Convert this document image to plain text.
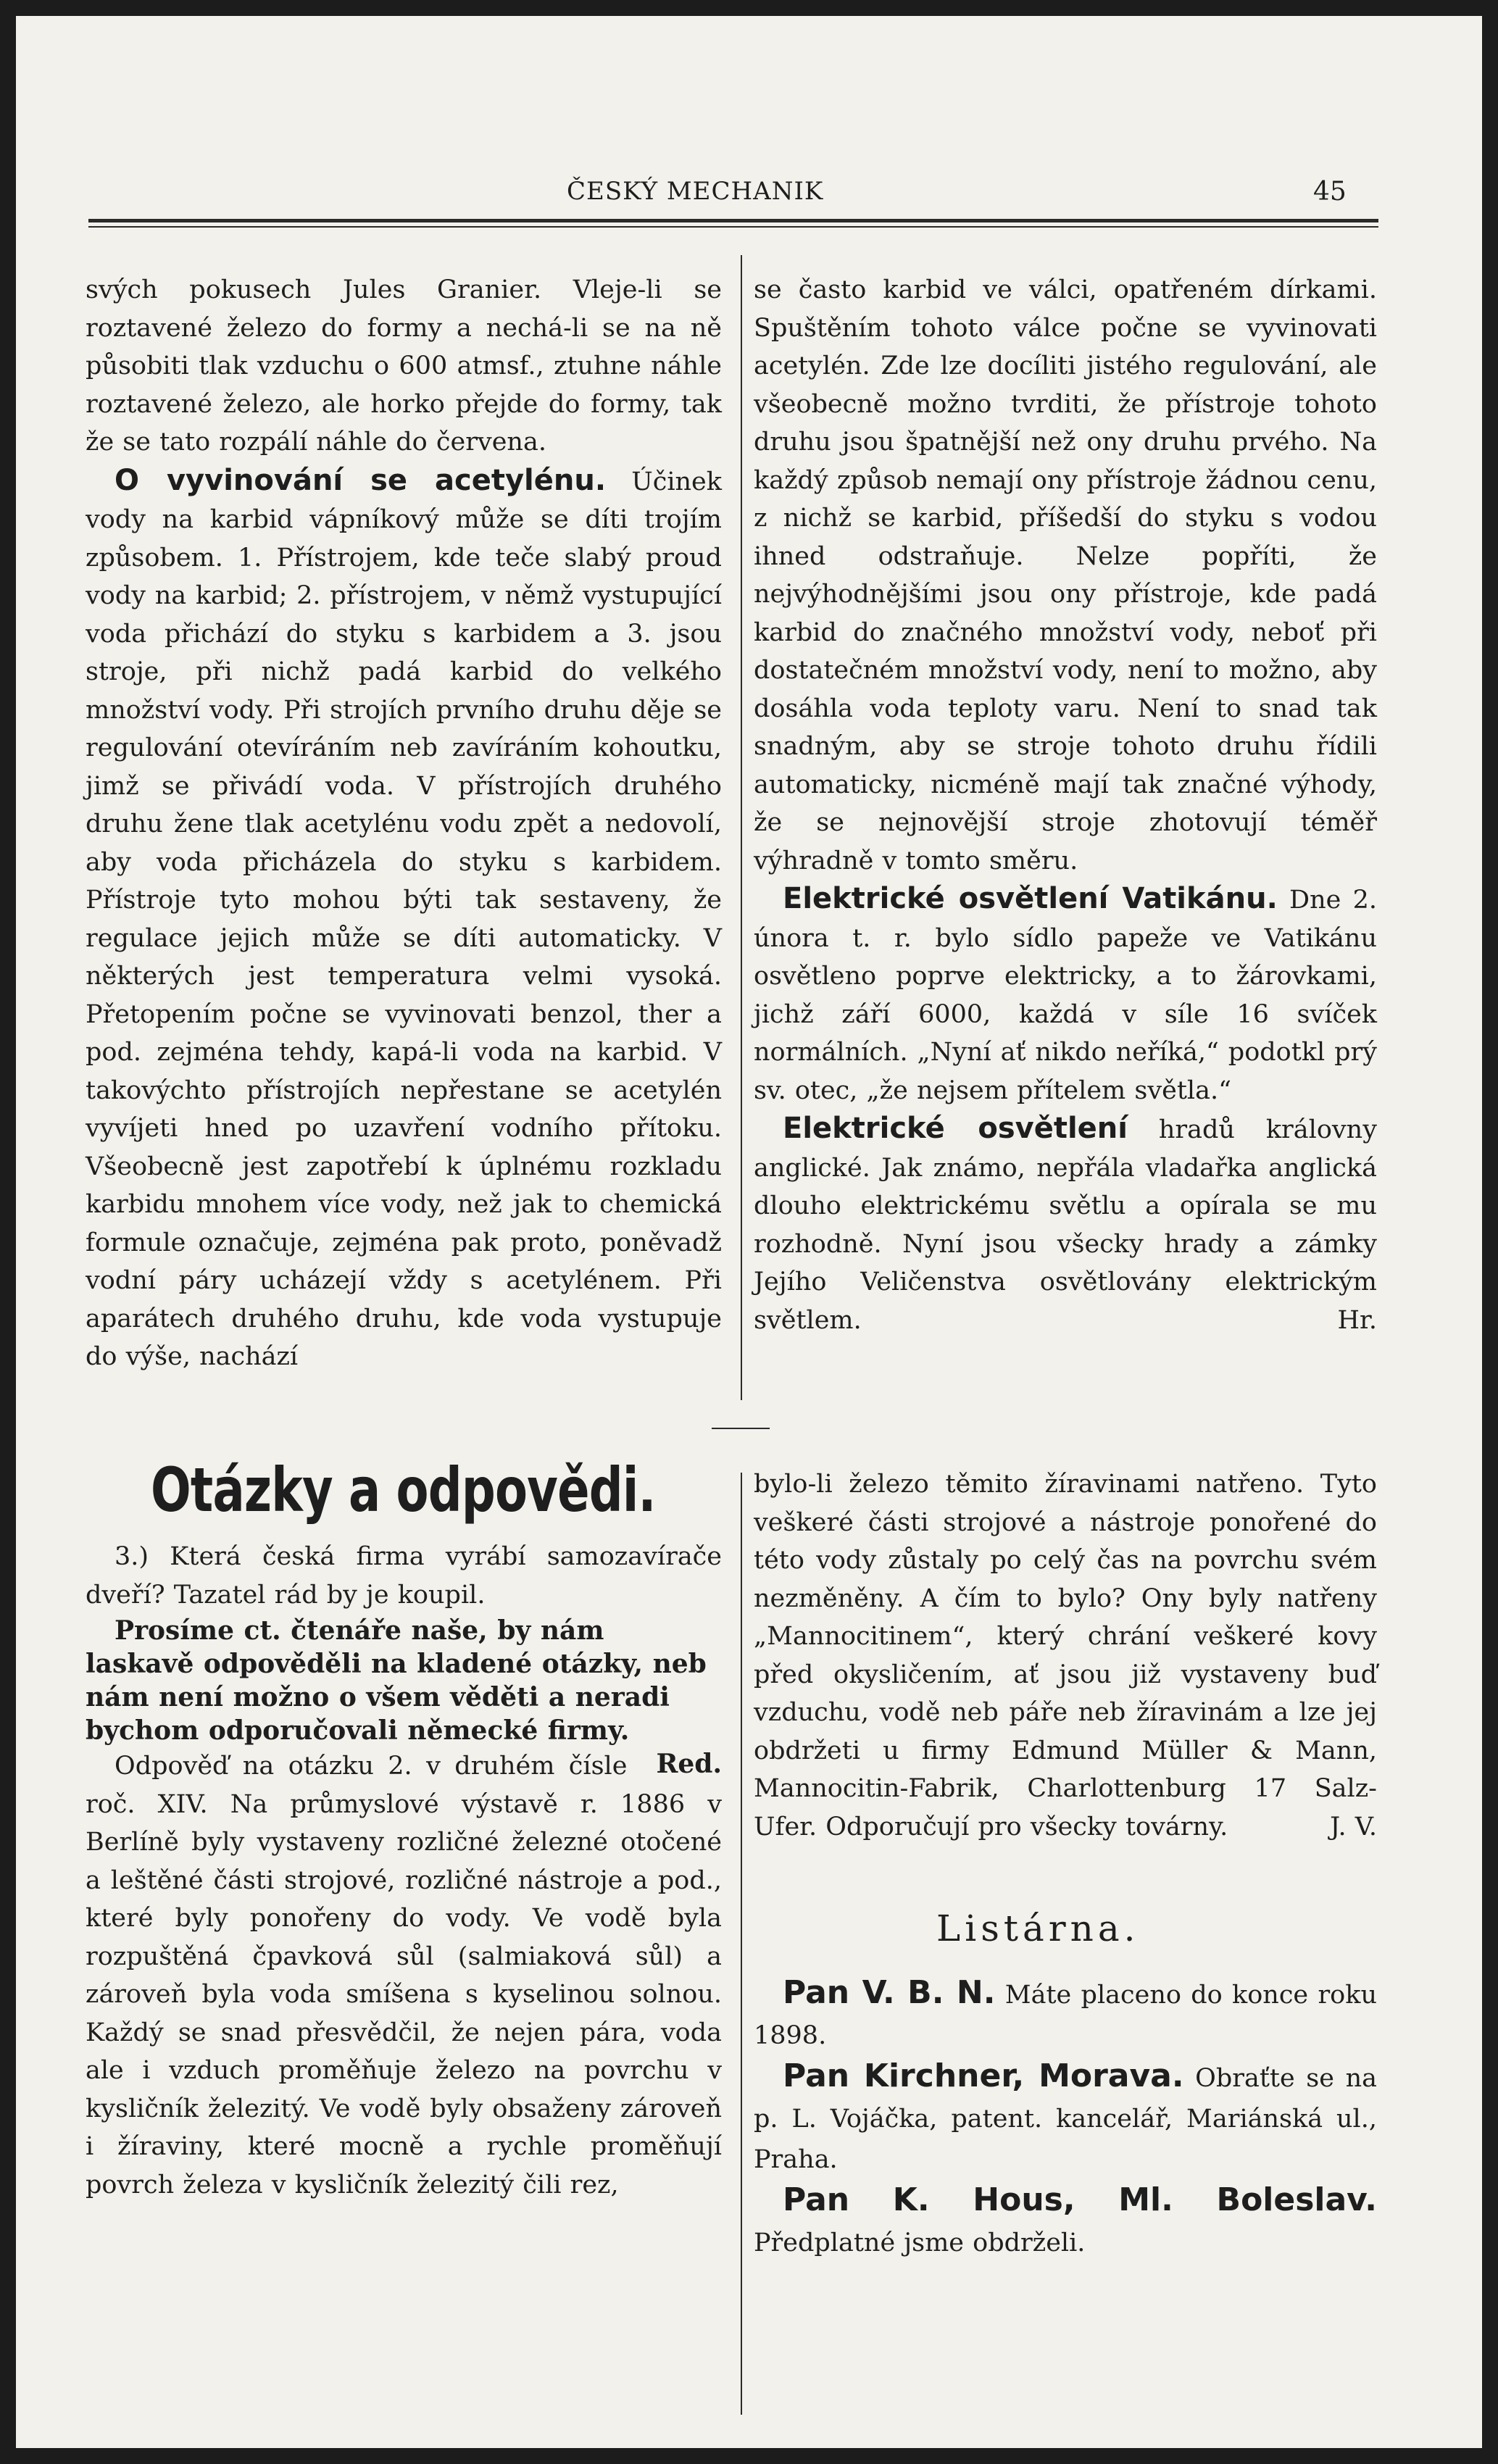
ČESKÝ MECHANIK	45

svých pokusech Jules Granier. Vleje-li se roztavené železo do formy a nechá-li se na ně působiti tlak vzduchu o 600 atmsf., ztuhne náhle roztavené železo, ale horko přejde do formy, tak že se tato rozpálí náhle do červena.

O vyvinování se acetylénu. Účinek vody na karbid vápníkový může se díti trojím způsobem. 1. Přístrojem, kde teče slabý proud vody na karbid; 2. přístrojem, v němž vystupující voda přichází do styku s karbidem a 3. jsou stroje, při nichž padá karbid do velkého množství vody. Při strojích prvního druhu děje se regulování otevíráním neb zavíráním kohoutku, jimž se přivádí voda. V přístrojích druhého druhu žene tlak acetylénu vodu zpět a nedovolí, aby voda přicházela do styku s karbidem. Přístroje tyto mohou býti tak sestaveny, že regulace jejich může se díti automaticky. V některých jest temperatura velmi vysoká. Přetopením počne se vyvinovati benzol, ther a pod. zejména tehdy, kapá-li voda na karbid. V takovýchto přístrojích nepřestane se acetylén vyvíjeti hned po uzavření vodního přítoku. Všeobecně jest zapotřebí k úplnému rozkladu karbidu mnohem více vody, než jak to chemická formule označuje, zejména pak proto, poněvadž vodní páry ucházejí vždy s acetylénem. Při aparátech druhého druhu, kde voda vystupuje do výše, nachází

se často karbid ve válci, opatřeném dírkami. Spuštěním tohoto válce počne se vyvinovati acetylén. Zde lze docíliti jistého regulování, ale všeobecně možno tvrditi, že přístroje tohoto druhu jsou špatnější než ony druhu prvého. Na každý způsob nemají ony přístroje žádnou cenu, z nichž se karbid, příšedší do styku s vodou ihned odstraňuje. Nelze popříti, že nejvýhodnějšími jsou ony přístroje, kde padá karbid do značného množství vody, neboť při dostatečném množství vody, není to možno, aby dosáhla voda teploty varu. Není to snad tak snadným, aby se stroje tohoto druhu řídili automaticky, nicméně mají tak značné výhody, že se nejnovější stroje zhotovují téměř výhradně v tomto směru.

Elektrické osvětlení Vatikánu. Dne 2. února t. r. bylo sídlo papeže ve Vatikánu osvětleno poprve elektricky, a to žárovkami, jichž září 6000, každá v síle 16 svíček normálních. „Nyní ať nikdo neříká,“ podotkl prý sv. otec, „že nejsem přítelem světla.“

Elektrické osvětlení hradů královny anglické. Jak známo, nepřála vladařka anglická dlouho elektrickému světlu a opírala se mu rozhodně. Nyní jsou všecky hrady a zámky Jejího Veličenstva osvětlovány elektrickým světlem.	Hr.

Otázky a odpovědi.

3.) Která česká firma vyrábí samozavírače dveří? Tazatel rád by je koupil.

Prosíme ct. čtenáře naše, by nám laskavě odpověděli na kladené otázky, neb nám není možno o všem věděti a neradi bychom odporučovali německé firmy.
Red.

Odpověď na otázku 2. v druhém čísle roč. XIV. Na průmyslové výstavě r. 1886 v Berlíně byly vystaveny rozličné železné otočené a leštěné části strojové, rozličné nástroje a pod., které byly ponořeny do vody. Ve vodě byla rozpuštěná čpavková sůl (salmiaková sůl) a zároveň byla voda smíšena s kyselinou solnou. Každý se snad přesvědčil, že nejen pára, voda ale i vzduch proměňuje železo na povrchu v kysličník železitý. Ve vodě byly obsaženy zároveň i žíraviny, které mocně a rychle proměňují povrch železa v kysličník železitý čili rez,

bylo-li železo těmito žíravinami natřeno. Tyto veškeré části strojové a nástroje ponořené do této vody zůstaly po celý čas na povrchu svém nezměněny. A čím to bylo? Ony byly natřeny „Mannocitinem“, který chrání veškeré kovy před okysličením, ať jsou již vystaveny buď vzduchu, vodě neb páře neb žíravinám a lze jej obdržeti u firmy Edmund Müller & Mann, Mannocitin-Fabrik, Charlottenburg 17 Salz-Ufer. Odporučují pro všecky továrny.	J. V.

Listárna.

Pan V. B. N. Máte placeno do konce roku 1898.

Pan Kirchner, Morava. Obraťte se na p. L. Vojáčka, patent. kancelář, Mariánská ul., Praha.

Pan K. Hous, Ml. Boleslav. Předplatné jsme obdrželi.
